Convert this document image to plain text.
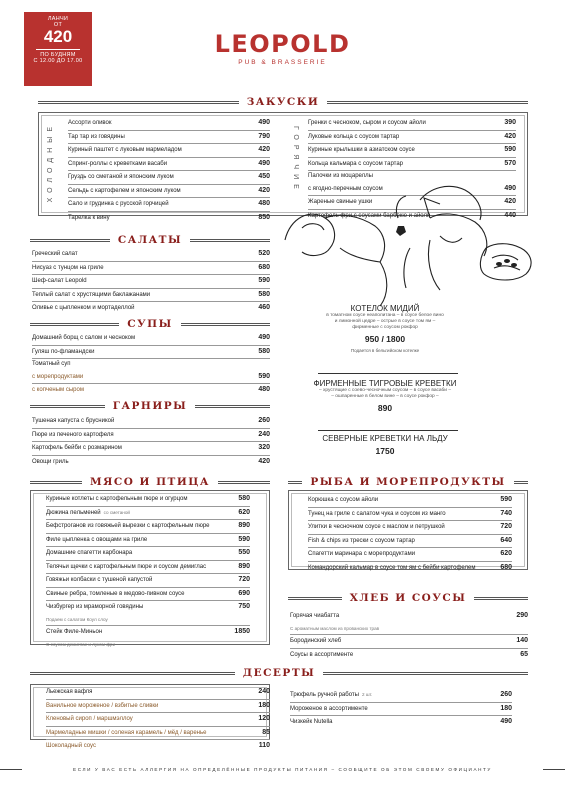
ЛАНЧИ
ОТ
420
ПО БУДНЯМ
С 12.00 ДО 17.00
LEOPOLD
PUB & BRASSERIE
ЗАКУСКИ
ХОЛОДНЫЕ Ассорти оливок	490
Тар тар из говядины	790
Куриный паштет с луковым мармеладом	420
Спринг-роллы с креветками васаби	490
Груздь со сметаной и японским луком	450
Сельдь с картофелем и японским луком	420
Сало и грудинка с русской горчицей	480
Тарелка к вину	850
ГОРЯЧИЕ
Гренки с чесноком, сыром и соусом айоли	390
Луковые кольца с соусом тартар	420
Куриные крылышки в азиатском соусе	590
Кольца кальмара с соусом тартар	570
Палочки из моцареллы
с ягодно-перечным соусом	490
Жареные свиные ушки	420
Картофель фри с соусами барбекю и айоли	440
КОТЕЛОК МИДИЙ
в томатном соусе неаполитана – в соусе белое вино
и лимонной цедре – острые в соусе том ям –
фирменные с соусом рокфор
950 / 1800
Подается в бельгийском котелке
ФИРМЕННЫЕ ТИГРОВЫЕ КРЕВЕТКИ
– хрустящие с соево-чесночным соусом – в соусе васаби –
– ошпаренные в белом вине – в соусе рокфор –
890
СЕВЕРНЫЕ КРЕВЕТКИ НА ЛЬДУ
1750
САЛАТЫ
Греческий салат	520
Нисуаз с тунцом на гриле	680
Шеф-салат Leopold	590
Теплый салат с хрустящими баклажанами	580
Оливье с цыпленком и мортаделлой	460
СУПЫ
Домашний борщ с салом и чесноком	490
Гуляш по-фламандски	580
Томатный суп
с морепродуктами	590
с копченым сыром	480
ГАРНИРЫ
Тушеная капуста с брусникой	260
Пюре из печеного картофеля	240
Картофель бейби с розмарином	320
Овощи гриль	420
МЯСО И ПТИЦА
Куриные котлеты с картофельным пюре и огурцом	580
Дюжина пельменей со сметаной	620
Бефстроганов из говяжьей вырезки с картофельным пюре	890
Филе цыпленка с овощами на гриле	590
Домашние спагетти карбонара	550
Телячьи щечки с картофельным пюре и соусом демиглас	890
Говяжьи колбаски с тушеной капустой	720
Свиные ребра, томленые в медово-пивном соусе	690
Чизбургер из мраморной говядины	750
Подаем с салатом Коул слоу
Стейк Филе-Миньон	1850
С соусом демиглас и луком фри
РЫБА И МОРЕПРОДУКТЫ
Корюшка с соусом айоли	590
Тунец на гриле с салатом чука и соусом из манго	740
Улитки в чесночном соусе с маслом и петрушкой	720
Fish & chips из трески с соусом тартар	640
Спагетти маринара с морепродуктами	620
Командорский кальмар в соусе том ям с бейби картофелем	680
ХЛЕБ И СОУСЫ
Горячая чиабатта	290
С ароматным маслом из прованских трав
Бородинский хлеб	140
Соусы в ассортименте	65
ДЕСЕРТЫ
Льежская вафля	240
Ванильное мороженое / взбитые сливки	180
Кленовый сироп / маршмэллоу	120
Мармеладные мишки / соленая карамель / мёд / варенье	85
Шоколадный соус	110
Трюфель ручной работы 2 шт.	260
Мороженое в ассортименте	180
Чизкейк Nutella	490
ЕСЛИ У ВАС ЕСТЬ АЛЛЕРГИЯ НА ОПРЕДЕЛЁННЫЕ ПРОДУКТЫ ПИТАНИЯ – СООБЩИТЕ ОБ ЭТОМ СВОЕМУ ОФИЦИАНТУ
